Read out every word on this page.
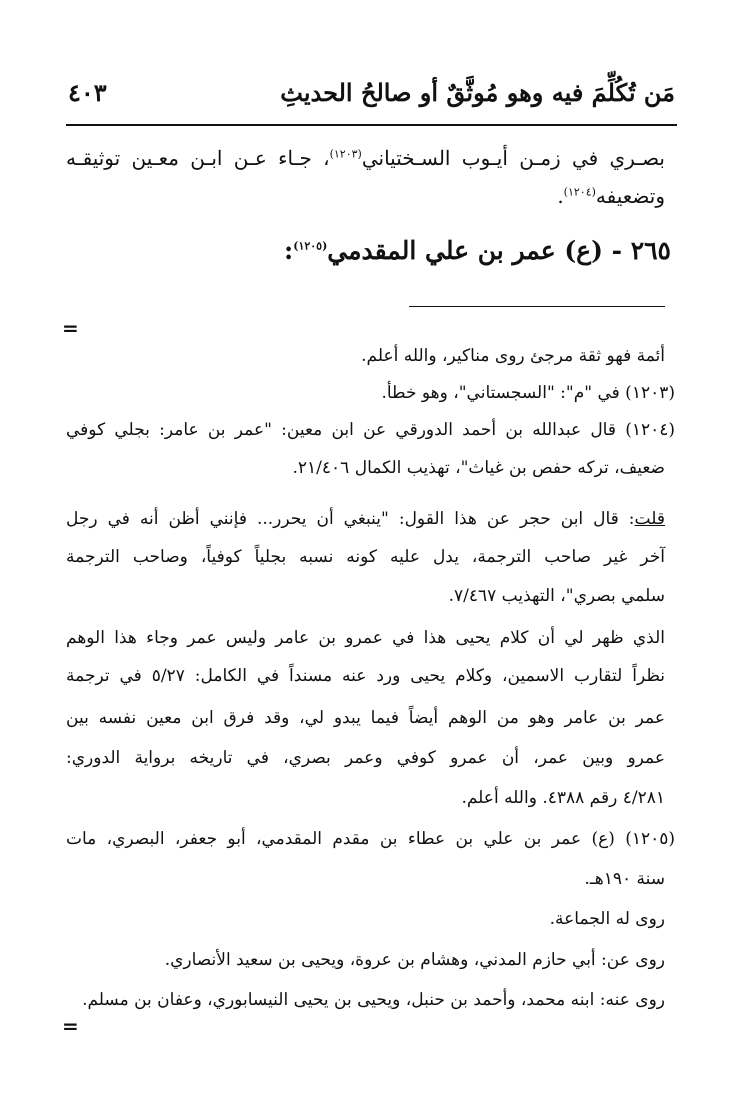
مَن تُكُلِّمَ فيه وهو مُوثَّقٌ أو صالحُ الحديثِ
٤٠٣
بصـري في زمـن أيـوب السـختياني$^{(١٢٠٣)}$، جـاء عـن ابـن معـين توثيقـه
وتضعيفه$^{(١٢٠٤)}$.
٢٦٥ - (ع) عمر بن علي المقدمي$^{(١٢٠٥)}$:
=
أئمة فهو ثقة مرجئ روى مناكير، والله أعلم.
(١٢٠٣) في "م": "السجستاني"، وهو خطأ.
(١٢٠٤) قال عبدالله بن أحمد الدورقي عن ابن معين: "عمر بن عامر: بجلي كوفي
ضعيف، تركه حفص بن غياث"، تهذيب الكمال ٢١/٤٠٦.
قلت: قال ابن حجر عن هذا القول: "ينبغي أن يحرر... فإنني أظن أنه في رجل
آخر غير صاحب الترجمة، يدل عليه كونه نسبه بجلياً كوفياً، وصاحب الترجمة
سلمي بصري"، التهذيب ٧/٤٦٧.
الذي ظهر لي أن كلام يحيى هذا في عمرو بن عامر وليس عمر وجاء هذا الوهم
نظراً لتقارب الاسمين، وكلام يحيى ورد عنه مسنداً في الكامل: ٥/٢٧ في ترجمة
عمر بن عامر وهو من الوهم أيضاً فيما يبدو لي، وقد فرق ابن معين نفسه بين
عمرو وبين عمر، أن عمرو كوفي وعمر بصري، في تاريخه برواية الدوري:
٤/٢٨١ رقم ٤٣٨٨. والله أعلم.
(١٢٠٥) (ع) عمر بن علي بن عطاء بن مقدم المقدمي، أبو جعفر، البصري، مات
سنة ١٩٠هـ.
روى له الجماعة.
روى عن: أبي حازم المدني، وهشام بن عروة، ويحيى بن سعيد الأنصاري.
روى عنه: ابنه محمد، وأحمد بن حنبل، ويحيى بن يحيى النيسابوري، وعفان بن مسلم.
=
